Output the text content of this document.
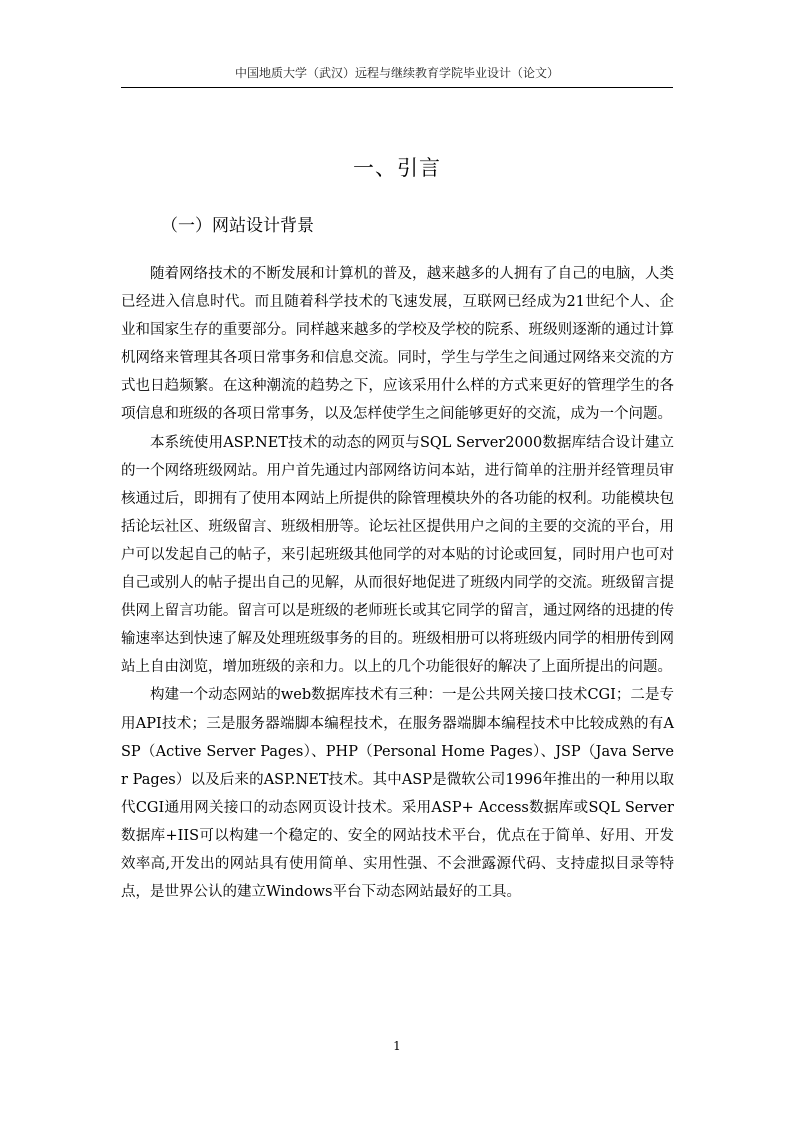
中国地质大学（武汉）远程与继续教育学院毕业设计（论文）
一、引言
（一）网站设计背景

随着网络技术的不断发展和计算机的普及，越来越多的人拥有了自己的电脑，人类已经进入信息时代。而且随着科学技术的飞速发展，互联网已经成为21世纪个人、企业和国家生存的重要部分。同样越来越多的学校及学校的院系、班级则逐渐的通过计算机网络来管理其各项日常事务和信息交流。同时，学生与学生之间通过网络来交流的方式也日趋频繁。在这种潮流的趋势之下，应该采用什么样的方式来更好的管理学生的各项信息和班级的各项日常事务，以及怎样使学生之间能够更好的交流，成为一个问题。

本系统使用ASP.NET技术的动态的网页与SQL Server2000数据库结合设计建立的一个网络班级网站。用户首先通过内部网络访问本站，进行简单的注册并经管理员审核通过后，即拥有了使用本网站上所提供的除管理模块外的各功能的权利。功能模块包括论坛社区、班级留言、班级相册等。论坛社区提供用户之间的主要的交流的平台，用户可以发起自己的帖子，来引起班级其他同学的对本贴的讨论或回复，同时用户也可对自己或别人的帖子提出自己的见解，从而很好地促进了班级内同学的交流。班级留言提供网上留言功能。留言可以是班级的老师班长或其它同学的留言，通过网络的迅捷的传输速率达到快速了解及处理班级事务的目的。班级相册可以将班级内同学的相册传到网站上自由浏览，增加班级的亲和力。以上的几个功能很好的解决了上面所提出的问题。

构建一个动态网站的web数据库技术有三种：一是公共网关接口技术CGI；二是专用API技术；三是服务器端脚本编程技术，在服务器端脚本编程技术中比较成熟的有ASP（Active Server Pages）、PHP（Personal Home Pages）、JSP（Java Server Pages）以及后来的ASP.NET技术。其中ASP是微软公司1996年推出的一种用以取代CGI通用网关接口的动态网页设计技术。采用ASP+ Access数据库或SQL Server数据库+IIS可以构建一个稳定的、安全的网站技术平台，优点在于简单、好用、开发效率高,开发出的网站具有使用简单、实用性强、不会泄露源代码、支持虚拟目录等特点，是世界公认的建立Windows平台下动态网站最好的工具。

1
